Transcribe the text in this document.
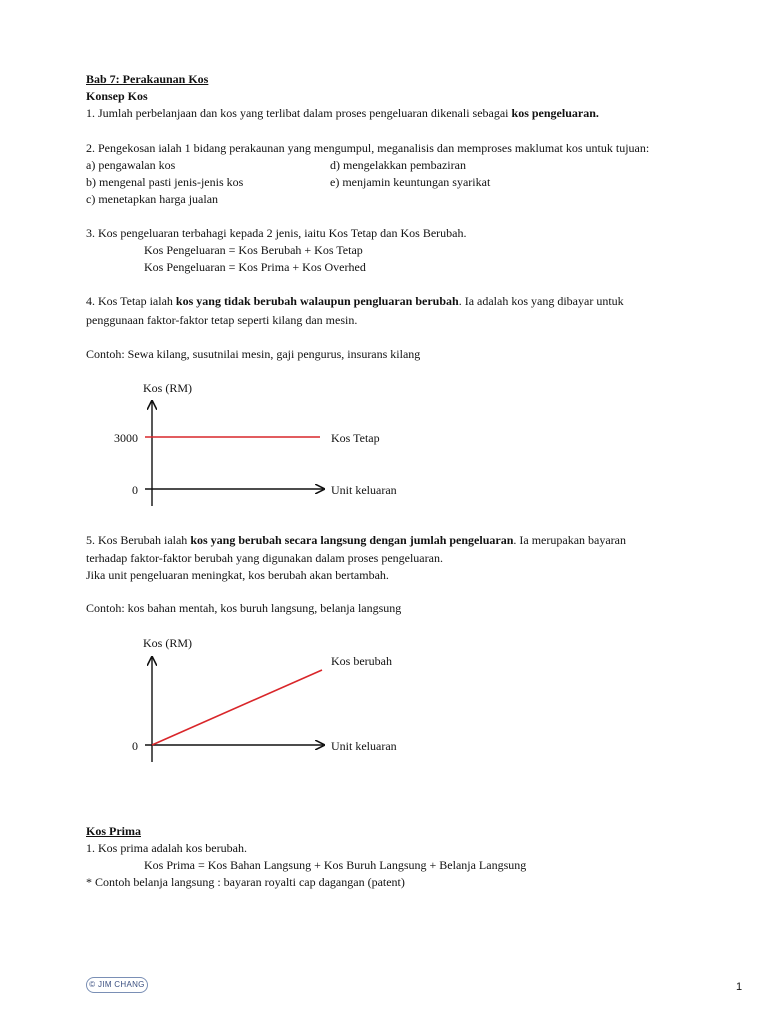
Bab 7: Perakaunan Kos
Konsep Kos
1. Jumlah perbelanjaan dan kos yang terlibat dalam proses pengeluaran dikenali sebagai kos pengeluaran.
2. Pengekosan ialah 1 bidang perakaunan yang mengumpul, meganalisis dan memproses maklumat kos untuk tujuan:
a) pengawalan kos
b) mengenal pasti jenis-jenis kos
c) menetapkan harga jualan
d) mengelakkan pembaziran
e) menjamin keuntungan syarikat
3. Kos pengeluaran terbahagi kepada 2 jenis, iaitu Kos Tetap dan Kos Berubah.
Kos Pengeluaran = Kos Berubah + Kos Tetap
Kos Pengeluaran = Kos Prima + Kos Overhed
4. Kos Tetap ialah kos yang tidak berubah walaupun pengluaran berubah. Ia adalah kos yang dibayar untuk
penggunaan faktor-faktor tetap seperti kilang dan mesin.
Contoh: Sewa kilang, susutnilai mesin, gaji pengurus, insurans kilang
Kos (RM)
3000	Kos Tetap
0	Unit keluaran
5. Kos Berubah ialah kos yang berubah secara langsung dengan jumlah pengeluaran. Ia merupakan bayaran
terhadap faktor-faktor berubah yang digunakan dalam proses pengeluaran.
Jika unit pengeluaran meningkat, kos berubah akan bertambah.
Contoh: kos bahan mentah, kos buruh langsung, belanja langsung
Kos (RM)
Kos berubah
0	Unit keluaran
Kos Prima
1. Kos prima adalah kos berubah.
Kos Prima = Kos Bahan Langsung + Kos Buruh Langsung + Belanja Langsung
* Contoh belanja langsung : bayaran royalti cap dagangan (patent)
© JIM CHANG	1
